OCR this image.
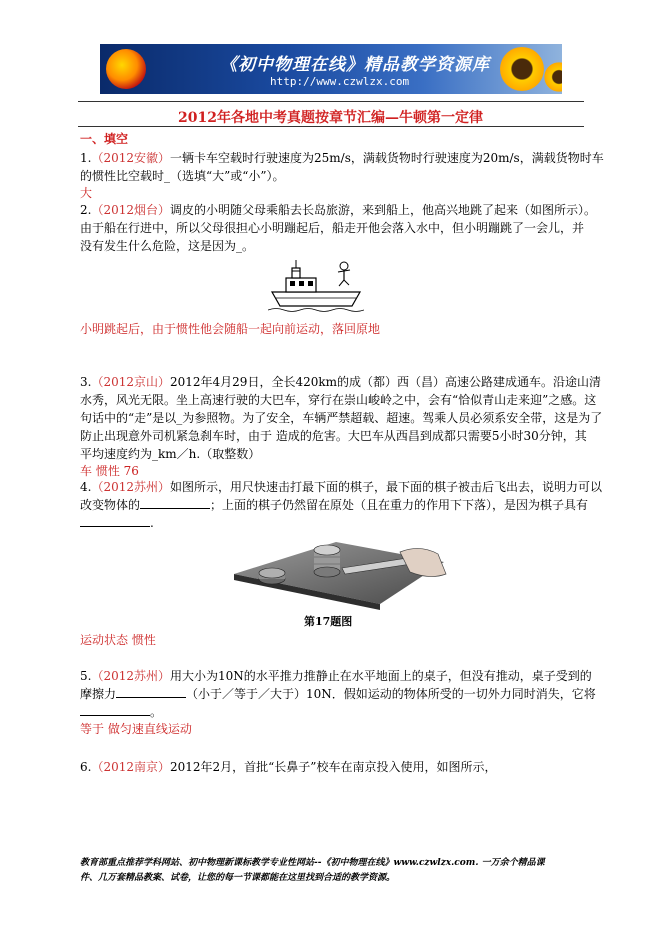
《初中物理在线》精品教学资源库
http://www.czwlzx.com
2012年各地中考真题按章节汇编—牛顿第一定律
一、填空
1.（2012安徽）一辆卡车空载时行驶速度为25m/s，满载货物时行驶速度为20m/s，满载货物时车
的惯性比空载时_（选填“大”或“小”）。
大
2.（2012烟台）调皮的小明随父母乘船去长岛旅游，来到船上，他高兴地跳了起来（如图所示）。
由于船在行进中，所以父母很担心小明蹦起后，船走开他会落入水中，但小明蹦跳了一会儿，并
没有发生什么危险，这是因为_。
小明跳起后，由于惯性他会随船一起向前运动，落回原地
3.（2012京山）2012年4月29日，全长420km的成（都）西（昌）高速公路建成通车。沿途山清
水秀，风光无限。坐上高速行驶的大巴车，穿行在崇山峻岭之中，会有“恰似青山走来迎”之感。这
句话中的“走”是以_为参照物。为了安全，车辆严禁超载、超速。驾乘人员必须系安全带，这是为了
防止出现意外司机紧急刹车时，由于 造成的危害。大巴车从西昌到成都只需要5小时30分钟，其
平均速度约为_km／h.（取整数）
车 惯性 76
4.（2012苏州）如图所示，用尺快速击打最下面的棋子，最下面的棋子被击后飞出去，说明力可以
改变物体的	；上面的棋子仍然留在原处（且在重力的作用下下落），是因为棋子具有
.
第17题图
运动状态 惯性
5.（2012苏州）用大小为10N的水平推力推静止在水平地面上的桌子，但没有推动，桌子受到的
摩擦力	（小于／等于／大于）10N．假如运动的物体所受的一切外力同时消失，它将
。
等于 做匀速直线运动
6.（2012南京）2012年2月，首批“长鼻子”校车在南京投入使用，如图所示，
教育部重点推荐学科网站、初中物理新课标教学专业性网站--《初中物理在线》www.czwlzx.com. 一万余个精品课
件、几万套精品教案、试卷，让您的每一节课都能在这里找到合适的教学资源。
